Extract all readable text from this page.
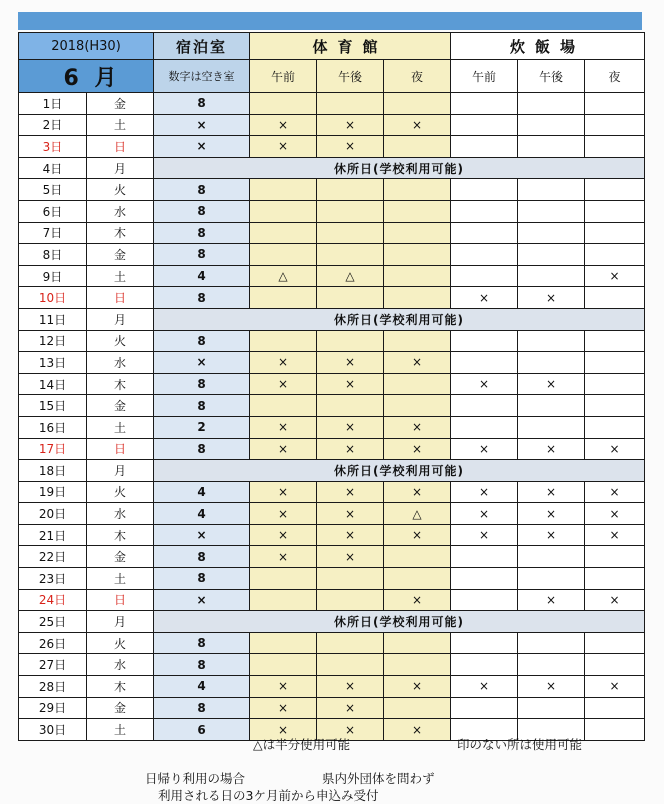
2018(H30)		宿泊室	体育館			炊飯場		
6 月		数字は空き室	午前	午後	夜	午前	午後	夜
1日	金	8						
2日	土	×	×	×	×			
3日	日	×	×	×				
4日	月	休所日(学校利用可能)						
5日	火	8						
6日	水	8						
7日	木	8						
8日	金	8						
9日	土	4	△	△				×
10日	日	8				×	×	
11日	月	休所日(学校利用可能)						
12日	火	8						
13日	水	×	×	×	×			
14日	木	8	×	×		×	×	
15日	金	8						
16日	土	2	×	×	×			
17日	日	8	×	×	×	×	×	×
18日	月	休所日(学校利用可能)						
19日	火	4	×	×	×	×	×	×
20日	水	4	×	×	△	×	×	×
21日	木	×	×	×	×	×	×	×
22日	金	8	×	×				
23日	土	8						
24日	日	×			×		×	×
25日	月	休所日(学校利用可能)						
26日	火	8						
27日	水	8						
28日	木	4	×	×	×	×	×	×
29日	金	8	×	×				
30日	土	6	×	×	×			
△は半分使用可能	印のない所は使用可能
日帰り利用の場合	県内外団体を問わず
利用される日の3ケ月前から申込み受付
